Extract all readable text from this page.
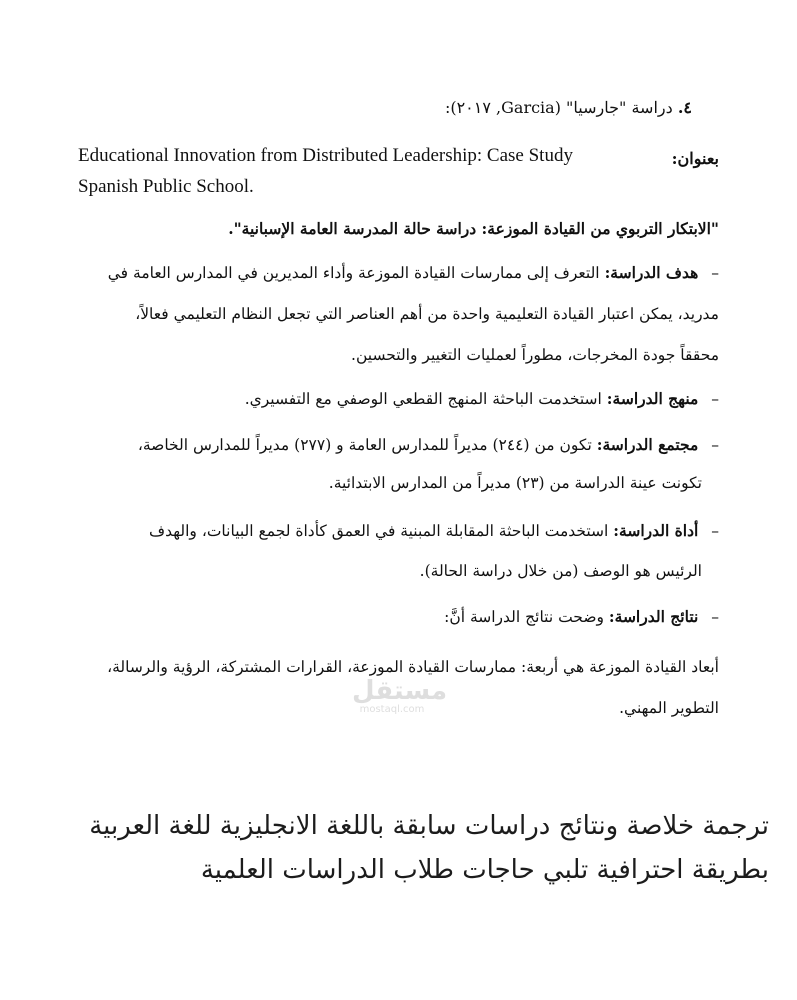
٤. دراسة "جارسيا" (Garcia, ٢٠١٧):

بعنوان:

Educational Innovation from Distributed Leadership: Case Study

Spanish Public School.

"الابتكار التربوي من القيادة الموزعة: دراسة حالة المدرسة العامة الإسبانية".

– هدف الدراسة: التعرف إلى ممارسات القيادة الموزعة وأداء المديرين في المدارس العامة في

مدريد، يمكن اعتبار القيادة التعليمية واحدة من أهم العناصر التي تجعل النظام التعليمي فعالاً،

محققاً جودة المخرجات، مطوراً لعمليات التغيير والتحسين.

– منهج الدراسة: استخدمت الباحثة المنهج القطعي الوصفي مع التفسيري.

– مجتمع الدراسة: تكون من (٢٤٤) مديراً للمدارس العامة و (٢٧٧) مديراً للمدارس الخاصة،

تكونت عينة الدراسة من (٢٣) مديراً من المدارس الابتدائية.

– أداة الدراسة: استخدمت الباحثة المقابلة المبنية في العمق كأداة لجمع البيانات، والهدف

الرئيس هو الوصف (من خلال دراسة الحالة).

– نتائج الدراسة: وضحت نتائج الدراسة أنَّ:

أبعاد القيادة الموزعة هي أربعة: ممارسات القيادة الموزعة، القرارات المشتركة، الرؤية والرسالة،

التطوير المهني.

مستقل
mostaql.com

ترجمة خلاصة ونتائج دراسات سابقة باللغة الانجليزية للغة العربية

بطريقة احترافية تلبي حاجات طلاب الدراسات العلمية
